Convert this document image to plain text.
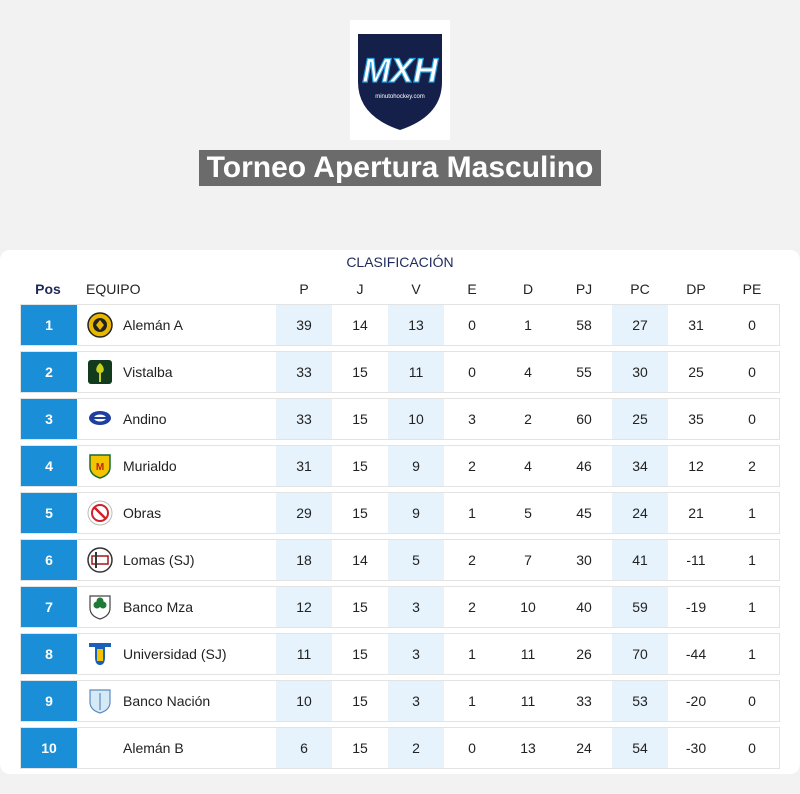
MXH
minutohockey.com
Torneo Apertura Masculino
CLASIFICACIÓN
Pos	EQUIPO	P	J	V	E	D	PJ	PC	DP	PE
1	Alemán A	39	14	13	0	1	58	27	31	0
2	Vistalba	33	15	11	0	4	55	30	25	0
3	Andino	33	15	10	3	2	60	25	35	0
4	M Murialdo	31	15	9	2	4	46	34	12	2
5	Obras	29	15	9	1	5	45	24	21	1
6	Lomas (SJ)	18	14	5	2	7	30	41	-11	1
7	Banco Mza	12	15	3	2	10	40	59	-19	1
8	Universidad (SJ)	11	15	3	1	11	26	70	-44	1
9	Banco Nación	10	15	3	1	11	33	53	-20	0
10	Alemán B	6	15	2	0	13	24	54	-30	0
